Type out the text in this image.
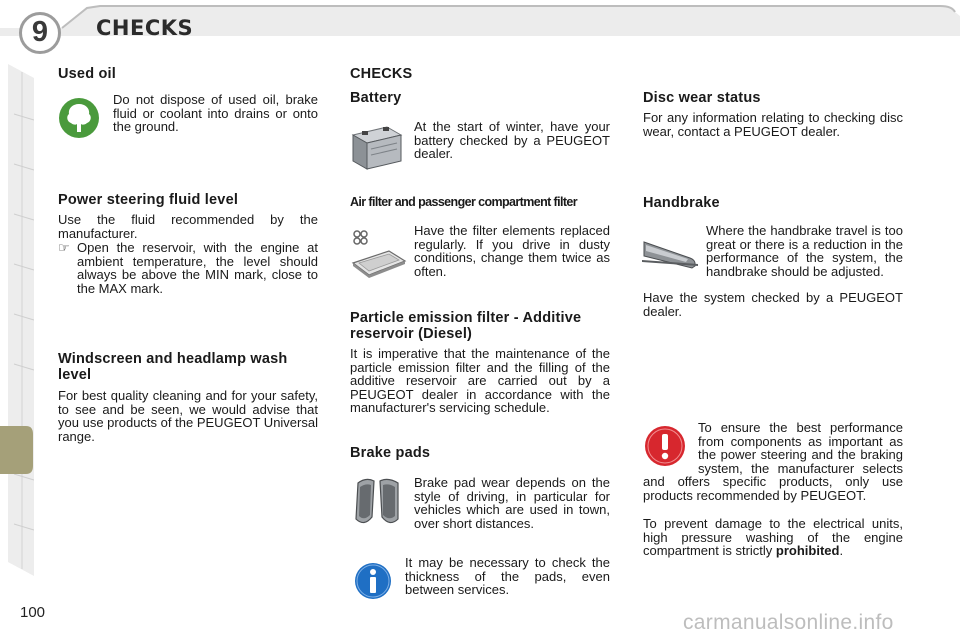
9	CHECKS
Used oil

Do not dispose of used oil, brake fluid or coolant into drains or onto the ground.

Power steering fluid level

Use the fluid recommended by the manufacturer.

☞ Open the reservoir, with the engine at ambient temperature, the level should always be above the MIN mark, close to the MAX mark.
Windscreen and headlamp wash level

For best quality cleaning and for your safety, to see and be seen, we would advise that you use products of the PEUGEOT Universal range.

CHECKS
Battery

At the start of winter, have your battery checked by a PEUGEOT dealer.

Air filter and passenger compartment filter

Have the filter elements replaced regularly. If you drive in dusty conditions, change them twice as often.

Particle emission filter - Additive reservoir (Diesel)

It is imperative that the maintenance of the particle emission filter and the filling of the additive reservoir are carried out by a PEUGEOT dealer in accordance with the manufacturer's servicing schedule.

Brake pads

Brake pad wear depends on the style of driving, in particular for vehicles which are used in town, over short distances.

It may be necessary to check the thickness of the pads, even between services.

Disc wear status

For any information relating to checking disc wear, contact a PEUGEOT dealer.

Handbrake

Where the handbrake travel is too great or there is a reduction in the performance of the system, the handbrake should be adjusted.

Have the system checked by a PEUGEOT dealer.

To ensure the best performance from components as important as the power steering and the braking system, the manufacturer selects and offers specific products, only use products recommended by PEUGEOT.

To prevent damage to the electrical units, high pressure washing of the engine compartment is strictly prohibited.

100	carmanualsonline.info
